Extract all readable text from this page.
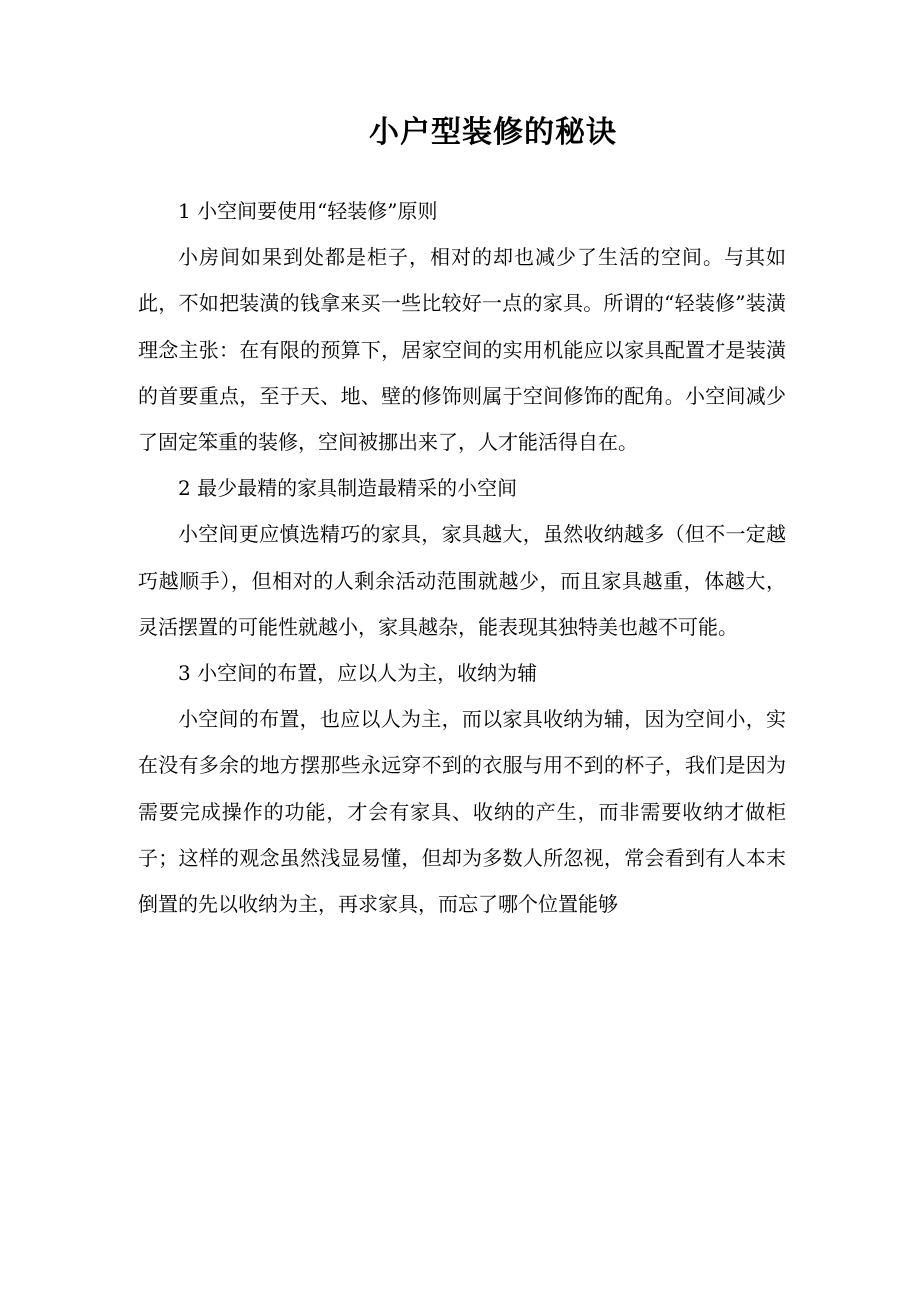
小户型装修的秘诀
1 小空间要使用“轻装修”原则
小房间如果到处都是柜子，相对的却也减少了生活的空间。与其如此，不如把装潢的钱拿来买一些比较好一点的家具。所谓的“轻装修”装潢理念主张：在有限的预算下，居家空间的实用机能应以家具配置才是装潢的首要重点，至于天、地、壁的修饰则属于空间修饰的配角。小空间减少了固定笨重的装修，空间被挪出来了，人才能活得自在。
2 最少最精的家具制造最精采的小空间
小空间更应慎选精巧的家具，家具越大，虽然收纳越多（但不一定越巧越顺手），但相对的人剩余活动范围就越少，而且家具越重，体越大，灵活摆置的可能性就越小，家具越杂，能表现其独特美也越不可能。
3 小空间的布置，应以人为主，收纳为辅
小空间的布置，也应以人为主，而以家具收纳为辅，因为空间小，实在没有多余的地方摆那些永远穿不到的衣服与用不到的杯子，我们是因为需要完成操作的功能，才会有家具、收纳的产生，而非需要收纳才做柜子；这样的观念虽然浅显易懂，但却为多数人所忽视，常会看到有人本末倒置的先以收纳为主，再求家具，而忘了哪个位置能够
